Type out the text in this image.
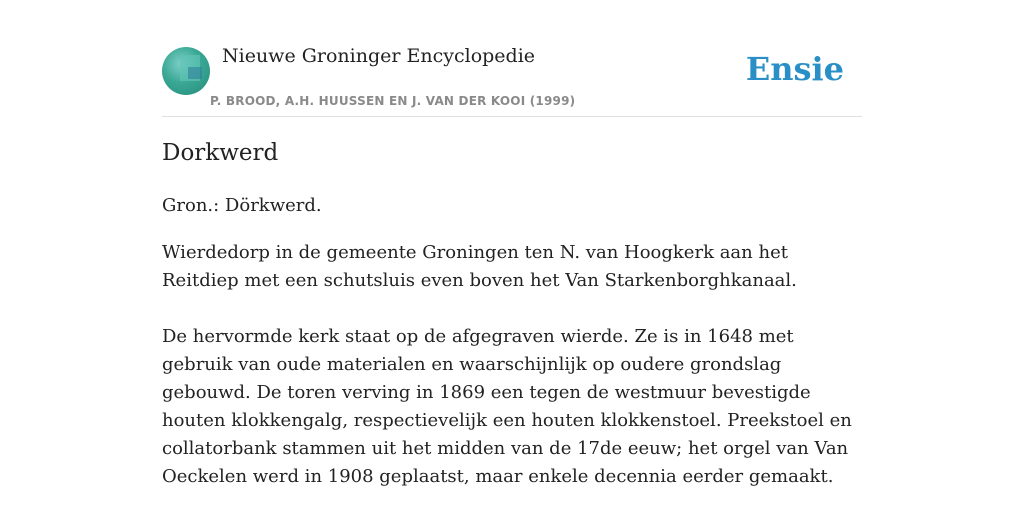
Nieuwe Groninger Encyclopedie
P. BROOD, A.H. HUUSSEN EN J. VAN DER KOOI (1999)
Ensie
Dorkwerd

Gron.: Dörkwerd.

Wierdedorp in de gemeente Groningen ten N. van Hoogkerk aan het Reitdiep met een schutsluis even boven het Van Starkenborghkanaal.

De hervormde kerk staat op de afgegraven wierde. Ze is in 1648 met gebruik van oude materialen en waarschijnlijk op oudere grondslag gebouwd. De toren verving in 1869 een tegen de westmuur bevestigde houten klokkengalg, respectievelijk een houten klokkenstoel. Preekstoel en collatorbank stammen uit het midden van de 17de eeuw; het orgel van Van Oeckelen werd in 1908 geplaatst, maar enkele decennia eerder gemaakt.
